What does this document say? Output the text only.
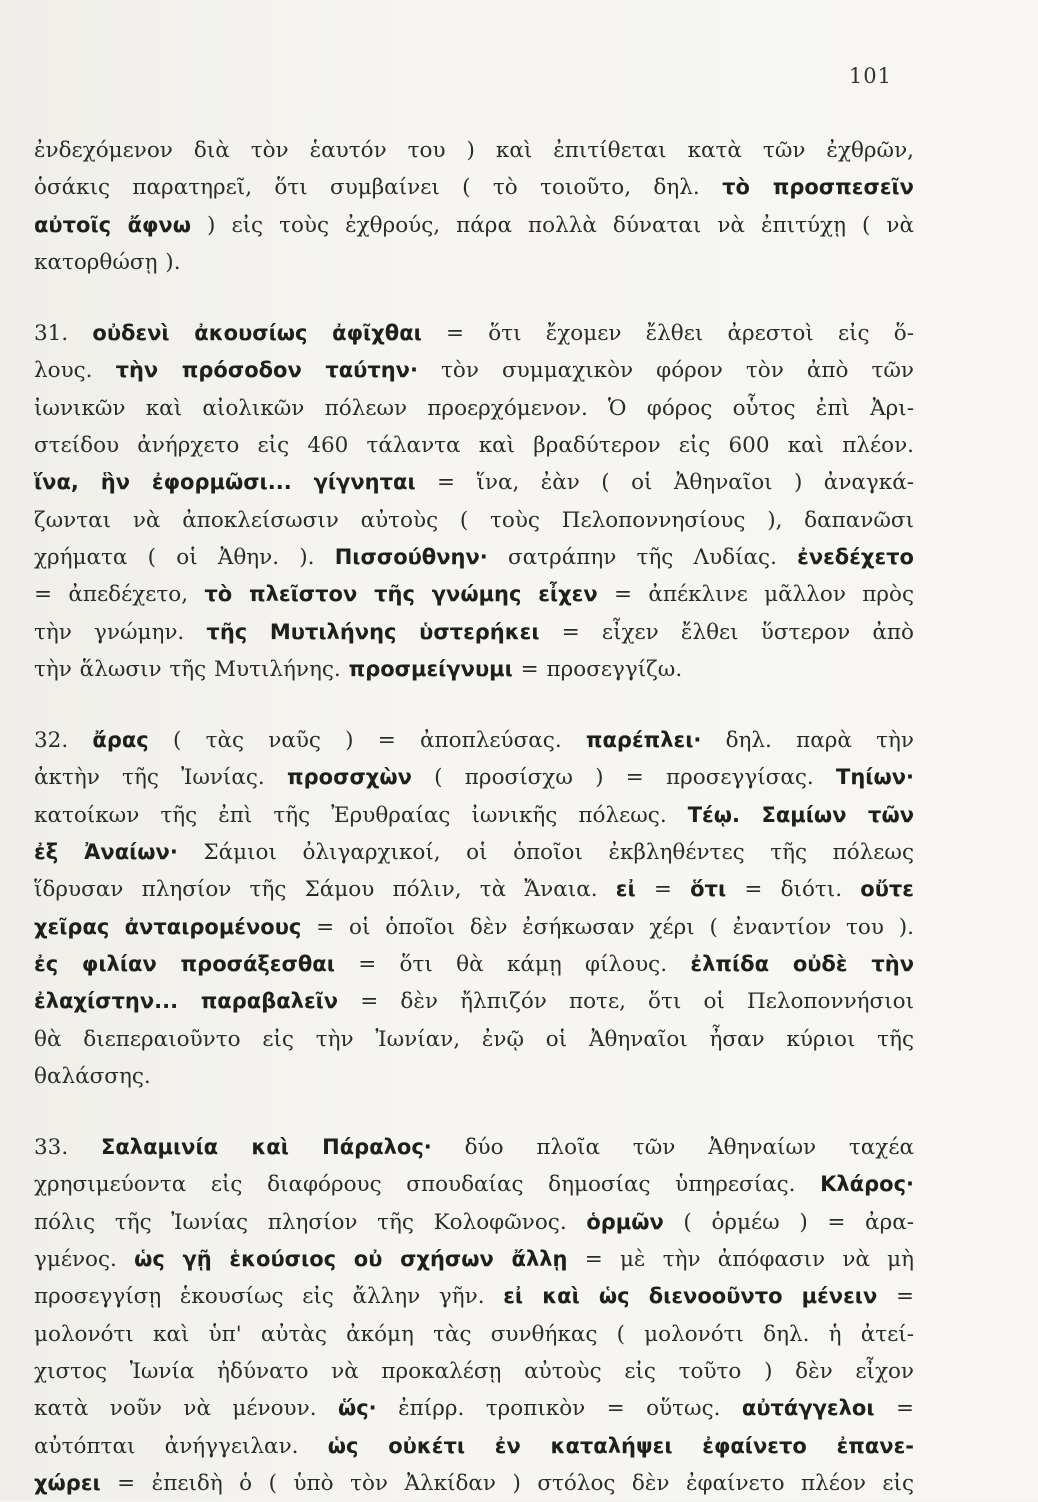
101
ἐνδεχόμενον διὰ τὸν ἑαυτόν του ) καὶ ἐπιτίθεται κατὰ τῶν ἐχθρῶν,
ὁσάκις παρατηρεῖ, ὅτι συμβαίνει ( τὸ τοιοῦτο, δηλ. τὸ προσπεσεῖν
αὐτοῖς ἄφνω ) εἰς τοὺς ἐχθρούς, πάρα πολλὰ δύναται νὰ ἐπιτύχῃ ( νὰ
κατορθώσῃ ).
31. οὐδενὶ ἀκουσίως ἀφῖχθαι = ὅτι ἔχομεν ἔλθει ἀρεστοὶ εἰς ὅ-
λους. τὴν πρόσοδον ταύτην· τὸν συμμαχικὸν φόρον τὸν ἀπὸ τῶν
ἰωνικῶν καὶ αἰολικῶν πόλεων προερχόμενον. Ὁ φόρος οὗτος ἐπὶ Ἀρι-
στείδου ἀνήρχετο εἰς 460 τάλαντα καὶ βραδύτερον εἰς 600 καὶ πλέον.
ἵνα, ἣν ἐφορμῶσι... γίγνηται = ἵνα, ἐὰν ( οἱ Ἀθηναῖοι ) ἀναγκά-
ζωνται νὰ ἀποκλείσωσιν αὐτοὺς ( τοὺς Πελοποννησίους ), δαπανῶσι
χρήματα ( οἱ Ἀθην. ). Πισσούθνην· σατράπην τῆς Λυδίας. ἐνεδέχετο
= ἀπεδέχετο, τὸ πλεῖστον τῆς γνώμης εἶχεν = ἀπέκλινε μᾶλλον πρὸς
τὴν γνώμην. τῆς Μυτιλήνης ὑστερήκει = εἶχεν ἔλθει ὕστερον ἀπὸ
τὴν ἅλωσιν τῆς Μυτιλήνης. προσμείγνυμι = προσεγγίζω.
32. ἄρας ( τὰς ναῦς ) = ἀποπλεύσας. παρέπλει· δηλ. παρὰ τὴν
ἀκτὴν τῆς Ἰωνίας. προσσχὼν ( προσίσχω ) = προσεγγίσας. Τηίων·
κατοίκων τῆς ἐπὶ τῆς Ἐρυθραίας ἰωνικῆς πόλεως. Τέῳ. Σαμίων τῶν
ἐξ Ἀναίων· Σάμιοι ὀλιγαρχικοί, οἱ ὁποῖοι ἐκβληθέντες τῆς πόλεως
ἵδρυσαν πλησίον τῆς Σάμου πόλιν, τὰ Ἄναια. εἰ = ὅτι = διότι. οὔτε
χεῖρας ἀνταιρομένους = οἱ ὁποῖοι δὲν ἐσήκωσαν χέρι ( ἐναντίον του ).
ἐς φιλίαν προσάξεσθαι = ὅτι θὰ κάμῃ φίλους. ἐλπίδα οὐδὲ τὴν
ἐλαχίστην... παραβαλεῖν = δὲν ἤλπιζόν ποτε, ὅτι οἱ Πελοποννήσιοι
θὰ διεπεραιοῦντο εἰς τὴν Ἰωνίαν, ἐνῷ οἱ Ἀθηναῖοι ἦσαν κύριοι τῆς
θαλάσσης.
33. Σαλαμινία καὶ Πάραλος· δύο πλοῖα τῶν Ἀθηναίων ταχέα
χρησιμεύοντα εἰς διαφόρους σπουδαίας δημοσίας ὑπηρεσίας. Κλάρος·
πόλις τῆς Ἰωνίας πλησίον τῆς Κολοφῶνος. ὁρμῶν ( ὁρμέω ) = ἀρα-
γμένος. ὡς γῇ ἑκούσιος οὐ σχήσων ἄλλῃ = μὲ τὴν ἀπόφασιν νὰ μὴ
προσεγγίσῃ ἑκουσίως εἰς ἄλλην γῆν. εἰ καὶ ὡς διενοοῦντο μένειν =
μολονότι καὶ ὑπ' αὐτὰς ἀκόμη τὰς συνθήκας ( μολονότι δηλ. ἡ ἀτεί-
χιστος Ἰωνία ἠδύνατο νὰ προκαλέσῃ αὐτοὺς εἰς τοῦτο ) δὲν εἶχον
κατὰ νοῦν νὰ μένουν. ὥς· ἐπίρρ. τροπικὸν = οὕτως. αὐτάγγελοι =
αὐτόπται ἀνήγγειλαν. ὡς οὐκέτι ἐν καταλήψει ἐφαίνετο ἐπανε-
χώρει = ἐπειδὴ ὁ ( ὑπὸ τὸν Ἀλκίδαν ) στόλος δὲν ἐφαίνετο πλέον εἰς
